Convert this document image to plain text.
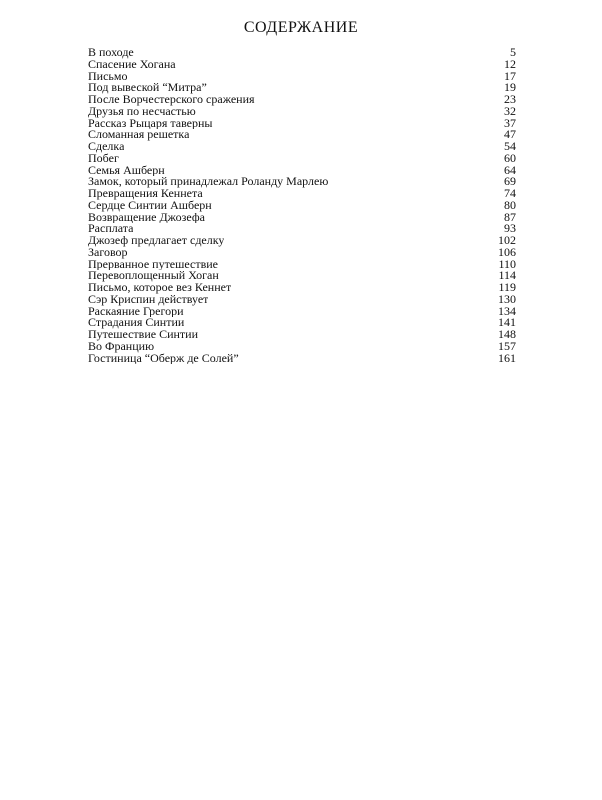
СОДЕРЖАНИЕ
В походе	5
Спасение Хогана	12
Письмо	17
Под вывеской “Митра”	19
После Ворчестерского сражения	23
Друзья по несчастью	32
Рассказ Рыцаря таверны	37
Сломанная решетка	47
Сделка	54
Побег	60
Семья Ашберн	64
Замок, который принадлежал Роланду Марлею	69
Превращения Кеннета	74
Сердце Синтии Ашберн	80
Возвращение Джозефа	87
Расплата	93
Джозеф предлагает сделку	102
Заговор	106
Прерванное путешествие	110
Перевоплощенный Хоган	114
Письмо, которое вез Кеннет	119
Сэр Криспин действует	130
Раскаяние Грегори	134
Страдания Синтии	141
Путешествие Синтии	148
Во Францию	157
Гостиница “Оберж де Солей”	161
